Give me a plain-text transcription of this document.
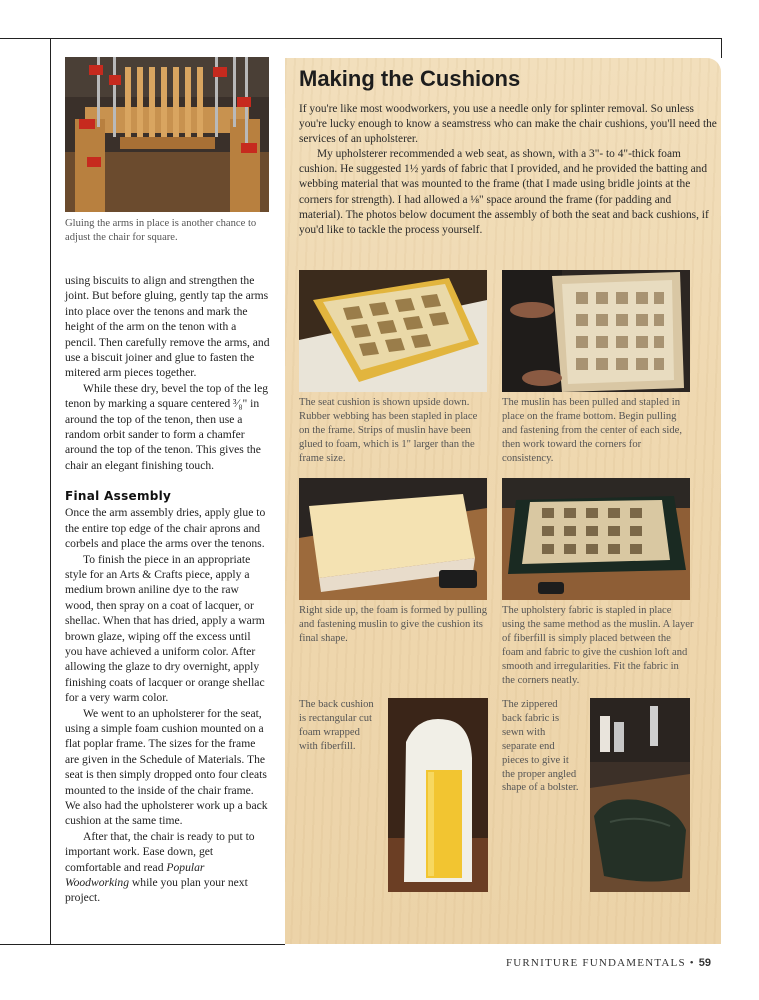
Gluing the arms in place is another chance to adjust the chair for square.

using biscuits to align and strengthen the joint. But before gluing, gently tap the arms into place over the tenons and mark the height of the arm on the tenon with a pencil. Then carefully remove the arms, and use a biscuit joiner and glue to fasten the mitered arm pieces together.

While these dry, bevel the top of the leg tenon by marking a square centered ³⁄₈" in around the top of the tenon, then use a random orbit sander to form a chamfer around the top of the tenon. This gives the chair an elegant finishing touch.

Final Assembly

Once the arm assembly dries, apply glue to the entire top edge of the chair aprons and corbels and place the arms over the tenons.

To finish the piece in an appropriate style for an Arts & Crafts piece, apply a medium brown aniline dye to the raw wood, then spray on a coat of lacquer, or shellac. When that has dried, apply a warm brown glaze, wiping off the excess until you have achieved a uniform color. After allowing the glaze to dry overnight, apply finishing coats of lacquer or orange shellac for a very warm color.

We went to an upholsterer for the seat, using a simple foam cushion mounted on a flat poplar frame. The sizes for the frame are given in the Schedule of Materials. The seat is then simply dropped onto four cleats mounted to the inside of the chair frame. We also had the upholsterer work up a back cushion at the same time.

After that, the chair is ready to put to important work. Ease down, get comfortable and read Popular Woodworking while you plan your next project.

Making the Cushions

If you're like most woodworkers, you use a needle only for splinter removal. So unless you're lucky enough to know a seamstress who can make the chair cushions, you'll need the services of an upholsterer.

My upholsterer recommended a web seat, as shown, with a 3"- to 4"-thick foam cushion. He suggested 1½ yards of fabric that I provided, and he provided the batting and webbing material that was mounted to the frame (that I made using bridle joints at the corners for strength). I had allowed a ⅛" space around the frame (for padding and material). The photos below document the assembly of both the seat and back cushions, if you'd like to tackle the process yourself.

The seat cushion is shown upside down. Rubber webbing has been stapled in place on the frame. Strips of muslin have been glued to foam, which is 1" larger than the frame size.
The muslin has been pulled and stapled in place on the frame bottom. Begin pulling and fastening from the center of each side, then work toward the corners for consistency.
Right side up, the foam is formed by pulling and fastening muslin to give the cushion its final shape.
The upholstery fabric is stapled in place using the same method as the muslin. A layer of fiberfill is simply placed between the foam and fabric to give the cushion loft and smooth and irregularities. Fit the fabric in the corners neatly.
The back cushion is rectangular cut foam wrapped with fiberfill.
The zippered back fabric is sewn with separate end pieces to give it the proper angled shape of a bolster.
FURNITURE FUNDAMENTALS • 59
